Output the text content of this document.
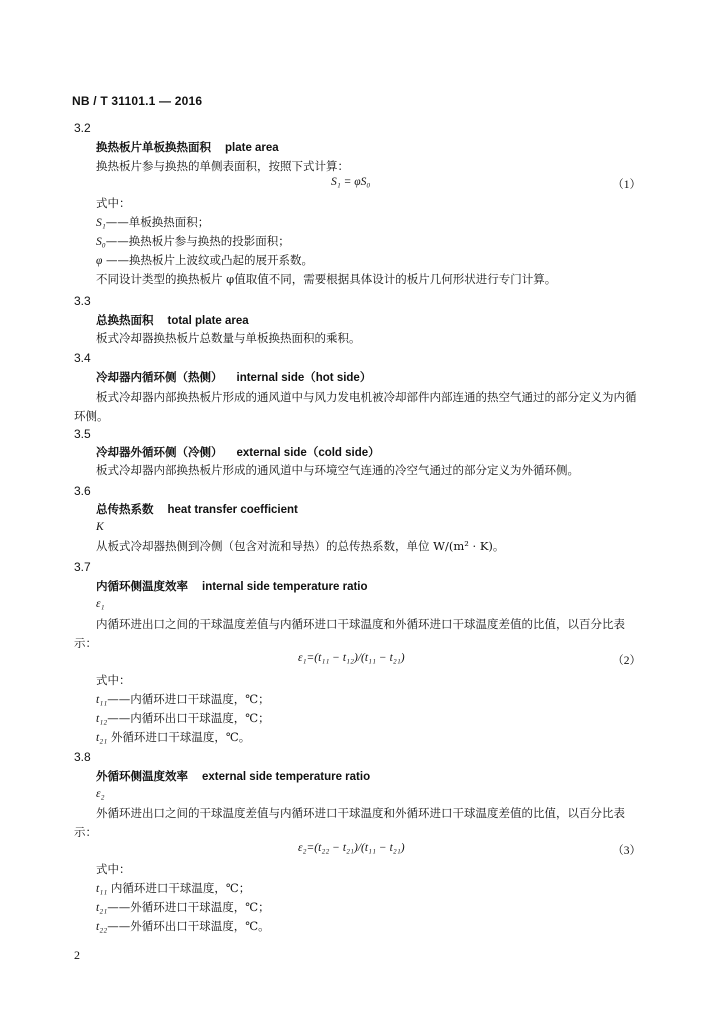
NB / T 31101.1 — 2016
3.2
换热板片单板换热面积 plate area
换热板片参与换热的单侧表面积，按照下式计算：
S₁ = φS₀	（1）
式中：
S₁——单板换热面积；
S₀——换热板片参与换热的投影面积；
φ ——换热板片上波纹或凸起的展开系数。
不同设计类型的换热板片 φ值取值不同，需要根据具体设计的板片几何形状进行专门计算。
3.3
总换热面积 total plate area
板式冷却器换热板片总数量与单板换热面积的乘积。
3.4
冷却器内循环侧（热侧） internal side（hot side）
板式冷却器内部换热板片形成的通风道中与风力发电机被冷却部件内部连通的热空气通过的部分定义为内循环侧。
3.5
冷却器外循环侧（冷侧） external side（cold side）
板式冷却器内部换热板片形成的通风道中与环境空气连通的冷空气通过的部分定义为外循环侧。
3.6
总传热系数 heat transfer coefficient
K
从板式冷却器热侧到冷侧（包含对流和导热）的总传热系数，单位 W/(m² · K)。
3.7
内循环侧温度效率 internal side temperature ratio
ε₁
内循环进出口之间的干球温度差值与内循环进口干球温度和外循环进口干球温度差值的比值，以百分比表示：
ε₁=(t₁₁ − t₁₂)/(t₁₁ − t₂₁)	（2）
式中：
t₁₁——内循环进口干球温度，℃；
t₁₂——内循环出口干球温度，℃；
t₂₁ 外循环进口干球温度，℃。
3.8
外循环侧温度效率 external side temperature ratio
ε₂
外循环进出口之间的干球温度差值与内循环进口干球温度和外循环进口干球温度差值的比值，以百分比表示：
ε₂=(t₂₂ − t₂₁)/(t₁₁ − t₂₁)	（3）
式中：
t₁₁ 内循环进口干球温度，℃；
t₂₁——外循环进口干球温度，℃；
t₂₂——外循环出口干球温度，℃。
2
